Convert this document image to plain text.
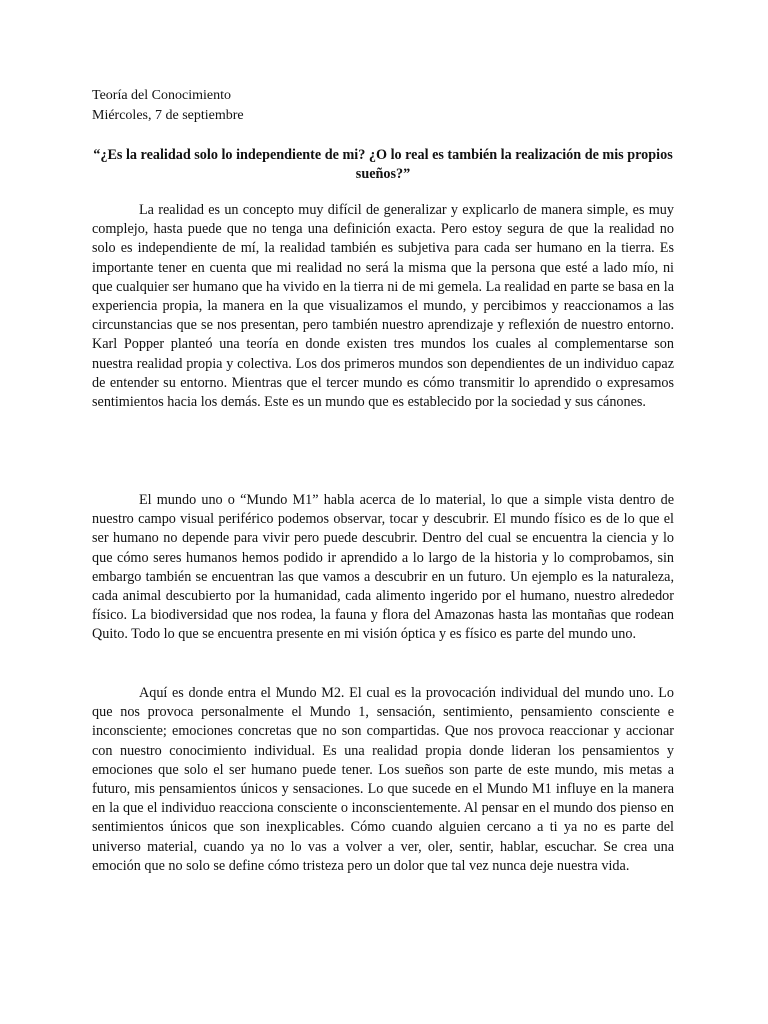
Teoría del Conocimiento
Miércoles, 7 de septiembre
“¿Es la realidad solo lo independiente de mi? ¿O lo real es también la realización de mis propios sueños?”

La realidad es un concepto muy difícil de generalizar y explicarlo de manera simple, es muy complejo, hasta puede que no tenga una definición exacta. Pero estoy segura de que la realidad no solo es independiente de mí, la realidad también es subjetiva para cada ser humano en la tierra. Es importante tener en cuenta que mi realidad no será la misma que la persona que esté a lado mío, ni que cualquier ser humano que ha vivido en la tierra ni de mi gemela. La realidad en parte se basa en la experiencia propia, la manera en la que visualizamos el mundo, y percibimos y reaccionamos a las circunstancias que se nos presentan, pero también nuestro aprendizaje y reflexión de nuestro entorno. Karl Popper planteó una teoría en donde existen tres mundos los cuales al complementarse son nuestra realidad propia y colectiva. Los dos primeros mundos son dependientes de un individuo capaz de entender su entorno. Mientras que el tercer mundo es cómo transmitir lo aprendido o expresamos sentimientos hacia los demás. Este es un mundo que es establecido por la sociedad y sus cánones.

El mundo uno o “Mundo M1” habla acerca de lo material, lo que a simple vista dentro de nuestro campo visual periférico podemos observar, tocar y descubrir. El mundo físico es de lo que el ser humano no depende para vivir pero puede descubrir. Dentro del cual se encuentra la ciencia y lo que cómo seres humanos hemos podido ir aprendido a lo largo de la historia y lo comprobamos, sin embargo también se encuentran las que vamos a descubrir en un futuro. Un ejemplo es la naturaleza, cada animal descubierto por la humanidad, cada alimento ingerido por el humano, nuestro alrededor físico. La biodiversidad que nos rodea, la fauna y flora del Amazonas hasta las montañas que rodean Quito. Todo lo que se encuentra presente en mi visión óptica y es físico es parte del mundo uno.

Aquí es donde entra el Mundo M2. El cual es la provocación individual del mundo uno. Lo que nos provoca personalmente el Mundo 1, sensación, sentimiento, pensamiento consciente e inconsciente; emociones concretas que no son compartidas. Que nos provoca reaccionar y accionar con nuestro conocimiento individual. Es una realidad propia donde lideran los pensamientos y emociones que solo el ser humano puede tener. Los sueños son parte de este mundo, mis metas a futuro, mis pensamientos únicos y sensaciones. Lo que sucede en el Mundo M1 influye en la manera en la que el individuo reacciona consciente o inconscientemente. Al pensar en el mundo dos pienso en sentimientos únicos que son inexplicables. Cómo cuando alguien cercano a ti ya no es parte del universo material, cuando ya no lo vas a volver a ver, oler, sentir, hablar, escuchar. Se crea una emoción que no solo se define cómo tristeza pero un dolor que tal vez nunca deje nuestra vida.
